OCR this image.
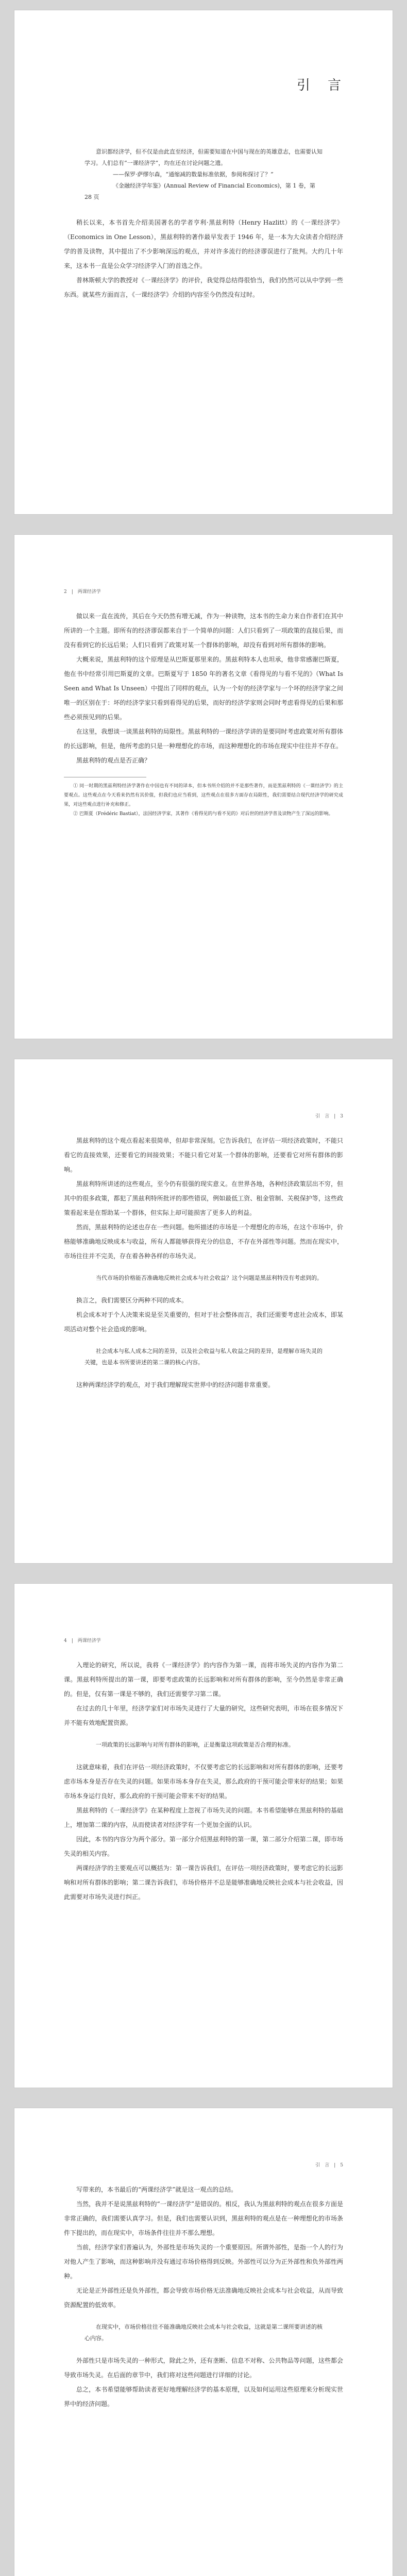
引　言

意识都经济学，但不仅是由此直至经济，但需要知道在中国与现在的英雄意志，也需要认知学习。人们总有“一课经济学”，均在还在讨论问题之遗。

——保罗·萨缪尔森，“通缩减的数量标准依据，参阅和探讨了？”

《金融经济学年鉴》(Annual Review of Financial Economics)，第 1 卷，第 28 页

稍长以来，本书首先介绍美国著名的学者亨利·黑兹利特（Henry Hazlitt）的《一课经济学》（Economics in One Lesson），黑兹利特的著作最早发表于 1946 年，是一本为大众读者介绍经济学的普及读物，其中提出了不少影响深远的观点，并对许多流行的经济谬误进行了批判。大约几十年来，这本书一直是公众学习经济学入门的首选之作。

普林斯顿大学的教授对《一课经济学》的评价，我觉得总结得很恰当，我们仍然可以从中学到一些东西。就某些方面而言，《一课经济学》介绍的内容至今仍然没有过时。

2　|　两课经济学

做以来一直在流传，其后在今天仍然有增无减，作为一种读物，这本书的生命力来自作者们在其中所讲的一个主题。即所有的经济谬误都来自于一个简单的问题：人们只看到了一项政策的直接后果，而没有看到它的长远后果；人们只看到了政策对某一个群体的影响，却没有看到对所有群体的影响。

大概来说，黑兹利特的这个原理是从巴斯夏那里来的。黑兹利特本人也坦承，他非常感谢巴斯夏，他在书中经常引用巴斯夏的文章。巴斯夏写于 1850 年的著名文章《看得见的与看不见的》（What Is Seen and What Is Unseen）中提出了同样的观点，认为一个好的经济学家与一个坏的经济学家之间唯一的区别在于：坏的经济学家只看到看得见的后果，而好的经济学家则会同时考虑看得见的后果和那些必须预见到的后果。

在这里，我想谈一谈黑兹利特的局限性。黑兹利特的一课经济学讲的是要同时考虑政策对所有群体的长远影响，但是，他所考虑的只是一种理想化的市场，而这种理想化的市场在现实中往往并不存在。

黑兹利特的观点是否正确？

① 同一时期的黑兹利特经济学著作在中国也有不同的译本，但本书所介绍的并不是那些著作，而是黑兹利特的《一课经济学》的主要观点。这些观点在今天看来仍然有其价值，但我们也应当看到，这些观点在很多方面存在局限性，我们需要结合现代经济学的研究成果，对这些观点进行补充和修正。

② 巴斯夏（Frédéric Bastiat），法国经济学家，其著作《看得见的与看不见的》对后世的经济学普及读物产生了深远的影响。

引　言　|　3

黑兹利特的这个观点看起来很简单，但却非常深刻。它告诉我们，在评估一项经济政策时，不能只看它的直接效果，还要看它的间接效果；不能只看它对某一个群体的影响，还要看它对所有群体的影响。

黑兹利特所讲述的这些观点，至今仍有很强的现实意义。在世界各地，各种经济政策层出不穷，但其中的很多政策，都犯了黑兹利特所批评的那些错误，例如最低工资、租金管制、关税保护等，这些政策看起来是在帮助某一个群体，但实际上却可能损害了更多人的利益。

然而，黑兹利特的论述也存在一些问题。他所描述的市场是一个理想化的市场，在这个市场中，价格能够准确地反映成本与收益，所有人都能够获得充分的信息，不存在外部性等问题。然而在现实中，市场往往并不完美，存在着各种各样的市场失灵。

当代市场的价格能否准确地反映社会成本与社会收益？这个问题是黑兹利特没有考虑到的。

换言之，我们需要区分两种不同的成本。

机会成本对于个人决策来说是至关重要的，但对于社会整体而言，我们还需要考虑社会成本，即某项活动对整个社会造成的影响。

社会成本与私人成本之间的差异，以及社会收益与私人收益之间的差异，是理解市场失灵的关键，也是本书所要讲述的第二课的核心内容。

这种两课经济学的观点，对于我们理解现实世界中的经济问题非常重要。

4　|　两课经济学

入理论的研究，所以说，我将《一课经济学》的内容作为第一课，而将市场失灵的内容作为第二课。黑兹利特所提出的第一课，即要考虑政策的长远影响和对所有群体的影响，至今仍然是非常正确的。但是，仅有第一课是不够的，我们还需要学习第二课。

在过去的几十年里，经济学家们对市场失灵进行了大量的研究，这些研究表明，市场在很多情况下并不能有效地配置资源。

一项政策的长远影响与对所有群体的影响，正是衡量这项政策是否合理的标准。

这就意味着，我们在评估一项经济政策时，不仅要考虑它的长远影响和对所有群体的影响，还要考虑市场本身是否存在失灵的问题。如果市场本身存在失灵，那么政府的干预可能会带来好的结果；如果市场本身运行良好，那么政府的干预可能会带来不好的结果。

黑兹利特的《一课经济学》在某种程度上忽视了市场失灵的问题。本书希望能够在黑兹利特的基础上，增加第二课的内容，从而使读者对经济学有一个更加全面的认识。

因此，本书的内容分为两个部分。第一部分介绍黑兹利特的第一课，第二部分介绍第二课，即市场失灵的相关内容。

两课经济学的主要观点可以概括为：第一课告诉我们，在评估一项经济政策时，要考虑它的长远影响和对所有群体的影响；第二课告诉我们，市场价格并不总是能够准确地反映社会成本与社会收益，因此需要对市场失灵进行纠正。

引　言　|　5

写带来的，本书最后的“两课经济学”就是这一观点的总结。

当然，我并不是说黑兹利特的“一课经济学”是错误的。相反，我认为黑兹利特的观点在很多方面是非常正确的，我们需要认真学习。但是，我们也需要认识到，黑兹利特的观点是在一种理想化的市场条件下提出的，而在现实中，市场条件往往并不那么理想。

当前，经济学家们普遍认为，外部性是市场失灵的一个重要原因。所谓外部性，是指一个人的行为对他人产生了影响，而这种影响并没有通过市场价格得到反映。外部性可以分为正外部性和负外部性两种。

无论是正外部性还是负外部性，都会导致市场价格无法准确地反映社会成本与社会收益，从而导致资源配置的低效率。

在现实中，市场价格往往不能准确地反映社会成本与社会收益，这就是第二课所要讲述的核心内容。

外部性只是市场失灵的一种形式，除此之外，还有垄断、信息不对称、公共物品等问题，这些都会导致市场失灵。在后面的章节中，我们将对这些问题进行详细的讨论。

总之，本书希望能够帮助读者更好地理解经济学的基本原理，以及如何运用这些原理来分析现实世界中的经济问题。
